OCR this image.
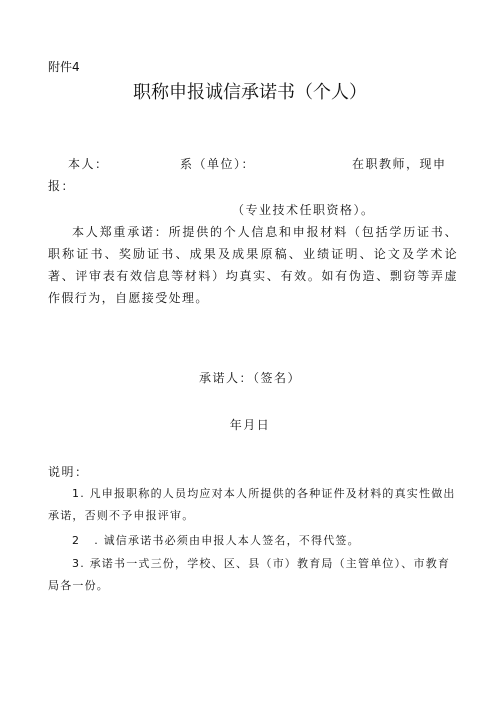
附件4
职称申报诚信承诺书（个人）
本人：	系（单位）：	在职教师，现申
报：
（专业技术任职资格）。
本人郑重承诺：所提供的个人信息和申报材料（包括学历证书、职称证书、奖励证书、成果及成果原稿、业绩证明、论文及学术论著、评审表有效信息等材料）均真实、有效。如有伪造、剽窃等弄虚作假行为，自愿接受处理。
承诺人：（签名）
年月日
说明：
1. 凡申报职称的人员均应对本人所提供的各种证件及材料的真实性做出承诺，否则不予申报评审。
2 . 诚信承诺书必须由申报人本人签名，不得代签。
3. 承诺书一式三份，学校、区、县（市）教育局（主管单位）、市教育局各一份。
